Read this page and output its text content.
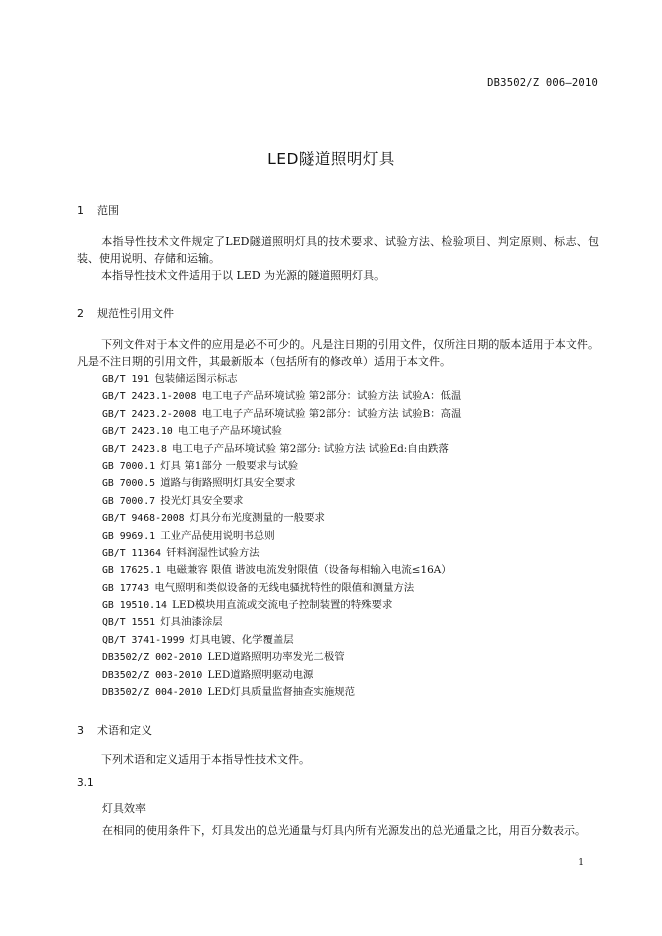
DB3502/Z 006—2010
LED隧道照明灯具
1 范围
本指导性技术文件规定了LED隧道照明灯具的技术要求、试验方法、检验项目、判定原则、标志、包装、使用说明、存储和运输。
本指导性技术文件适用于以 LED 为光源的隧道照明灯具。
2 规范性引用文件
下列文件对于本文件的应用是必不可少的。凡是注日期的引用文件，仅所注日期的版本适用于本文件。凡是不注日期的引用文件，其最新版本（包括所有的修改单）适用于本文件。
GB/T 191  包装储运图示标志
GB/T 2423.1-2008  电工电子产品环境试验 第2部分：试验方法 试验A：低温
GB/T 2423.2-2008  电工电子产品环境试验 第2部分：试验方法 试验B：高温
GB/T 2423.10  电工电子产品环境试验
GB/T 2423.8  电工电子产品环境试验 第2部分: 试验方法 试验Ed:自由跌落
GB 7000.1  灯具 第1部分 一般要求与试验
GB 7000.5  道路与街路照明灯具安全要求
GB 7000.7  投光灯具安全要求
GB/T 9468-2008  灯具分布光度测量的一般要求
GB 9969.1  工业产品使用说明书总则
GB/T 11364  钎料润湿性试验方法
GB 17625.1  电磁兼容 限值 谐波电流发射限值（设备每相输入电流≤16A）
GB 17743  电气照明和类似设备的无线电骚扰特性的限值和测量方法
GB 19510.14  LED模块用直流或交流电子控制装置的特殊要求
QB/T 1551  灯具油漆涂层
QB/T 3741-1999  灯具电镀、化学覆盖层
DB3502/Z 002-2010  LED道路照明功率发光二极管
DB3502/Z 003-2010  LED道路照明驱动电源
DB3502/Z 004-2010  LED灯具质量监督抽查实施规范
3 术语和定义
下列术语和定义适用于本指导性技术文件。
3.1
灯具效率
在相同的使用条件下，灯具发出的总光通量与灯具内所有光源发出的总光通量之比，用百分数表示。
1
